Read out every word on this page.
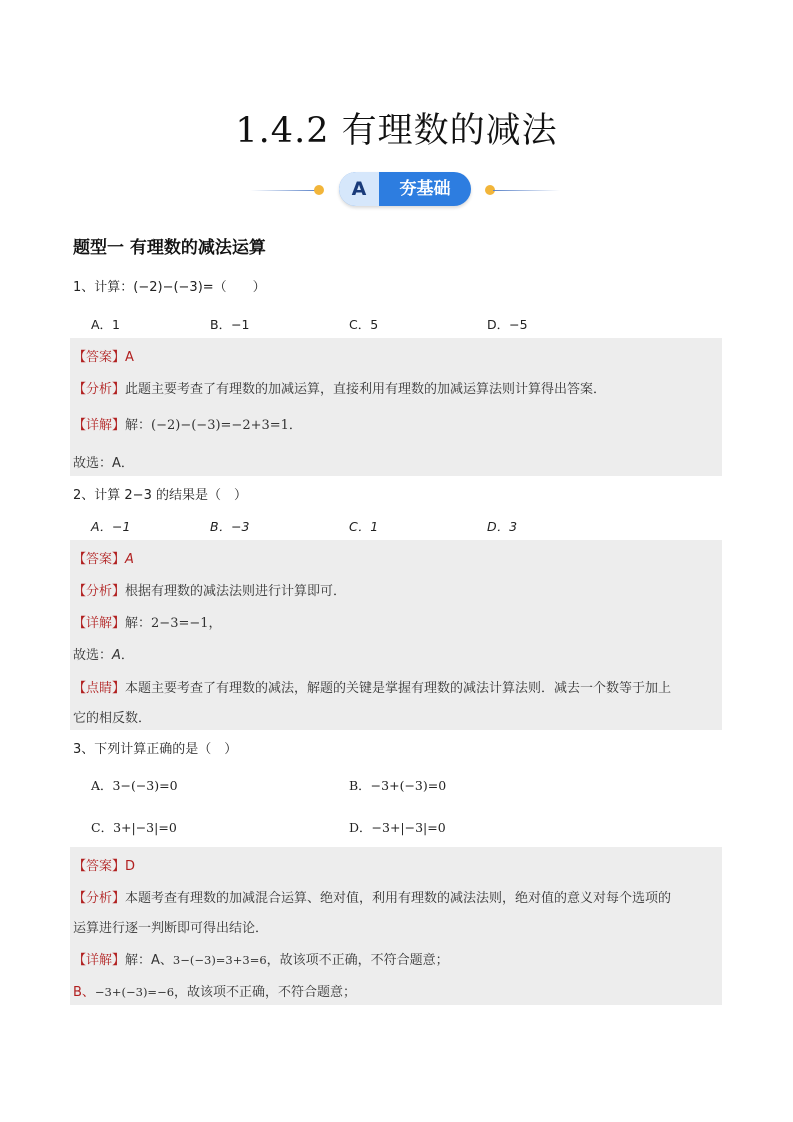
1.4.2 有理数的减法
A	夯基础
题型一 有理数的减法运算
1、计算：(−2)−(−3)=（　　）
A．1	B．−1	C．5	D．−5
【答案】A
【分析】此题主要考查了有理数的加减运算，直接利用有理数的加减运算法则计算得出答案．
【详解】解：(−2)−(−3)=−2+3=1．
故选：A．
2、计算 2−3 的结果是（　）
A．−1	B．−3	C．1	D．3
【答案】A
【分析】根据有理数的减法法则进行计算即可．
【详解】解：2−3=−1，
故选：A．
【点睛】本题主要考查了有理数的减法，解题的关键是掌握有理数的减法计算法则．减去一个数等于加上
它的相反数．
3、下列计算正确的是（　）
A．3−(−3)=0	B．−3+(−3)=0
C．3+|−3|=0	D．−3+|−3|=0
【答案】D
【分析】本题考查有理数的加减混合运算、绝对值，利用有理数的减法法则，绝对值的意义对每个选项的
运算进行逐一判断即可得出结论．
【详解】解：A、3−(−3)=3+3=6，故该项不正确，不符合题意；
B、−3+(−3)=−6，故该项不正确，不符合题意；
